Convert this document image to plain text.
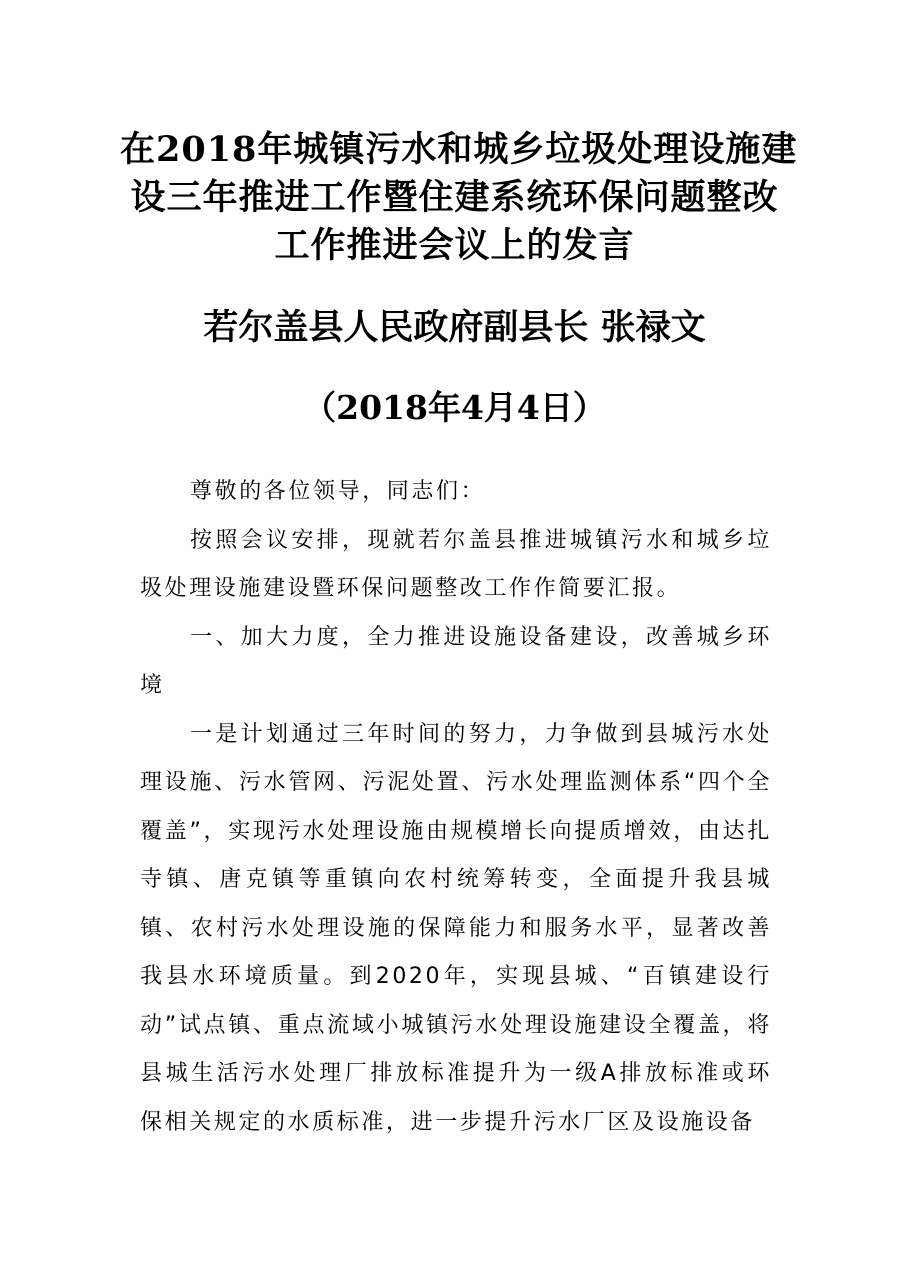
在2018年城镇污水和城乡垃圾处理设施建
设三年推进工作暨住建系统环保问题整改
工作推进会议上的发言
若尔盖县人民政府副县长 张禄文
（2018年4月4日）

尊敬的各位领导，同志们：

按照会议安排，现就若尔盖县推进城镇污水和城乡垃圾处理设施建设暨环保问题整改工作作简要汇报。

一、加大力度，全力推进设施设备建设，改善城乡环境

一是计划通过三年时间的努力，力争做到县城污水处理设施、污水管网、污泥处置、污水处理监测体系“四个全覆盖”，实现污水处理设施由规模增长向提质增效，由达扎寺镇、唐克镇等重镇向农村统筹转变，全面提升我县城镇、农村污水处理设施的保障能力和服务水平，显著改善我县水环境质量。到2020年，实现县城、“百镇建设行动”试点镇、重点流域小城镇污水处理设施建设全覆盖，将县城生活污水处理厂排放标准提升为一级A排放标准或环保相关规定的水质标准，进一步提升污水厂区及设施设备
